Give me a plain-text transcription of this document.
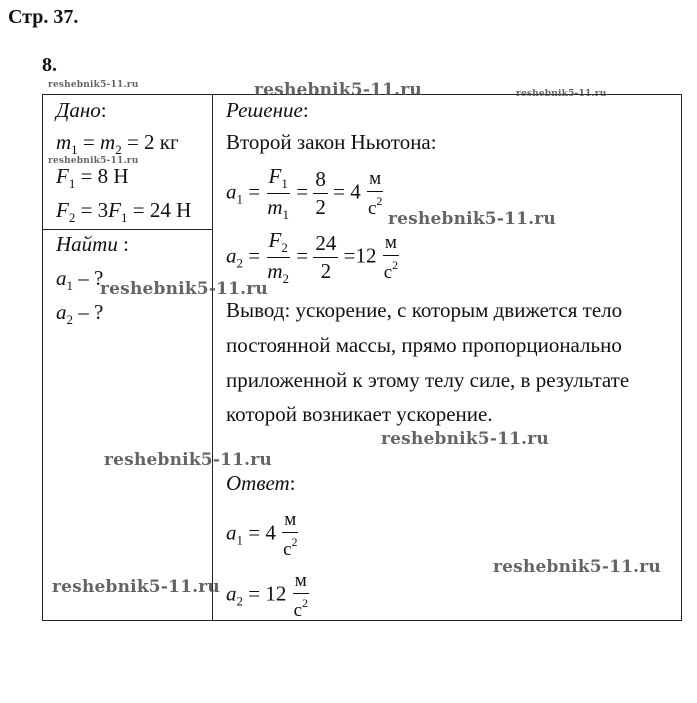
Стр. 37.
8.
Дано:
$m_1 = m_2 = 2$ кг
$F_1 = 8$ Н
$F_2 = 3F_1 = 24$ Н
Найти :
$a_1$ – ?
$a_2$ – ?
Решение:
Второй закон Ньютона:
$a_1 = \frac{F_1}{m_1} = \frac{8}{2} = 4 \frac{м}{с^2}$
$a_2 = \frac{F_2}{m_2} = \frac{24}{2} =12 \frac{м}{с^2}$
Вывод: ускорение, с которым движется тело
постоянной массы, прямо пропорционально
приложенной к этому телу силе, в результате
которой возникает ускорение.
Ответ:
$a_1 = 4 \frac{м}{с^2}$
$a_2 = 12 \frac{м}{с^2}$
reshebnik5-11.ru	reshebnik5-11.ru	reshebnik5-11.ru
reshebnik5-11.ru
reshebnik5-11.ru
reshebnik5-11.ru
reshebnik5-11.ru
reshebnik5-11.ru
reshebnik5-11.ru
reshebnik5-11.ru
